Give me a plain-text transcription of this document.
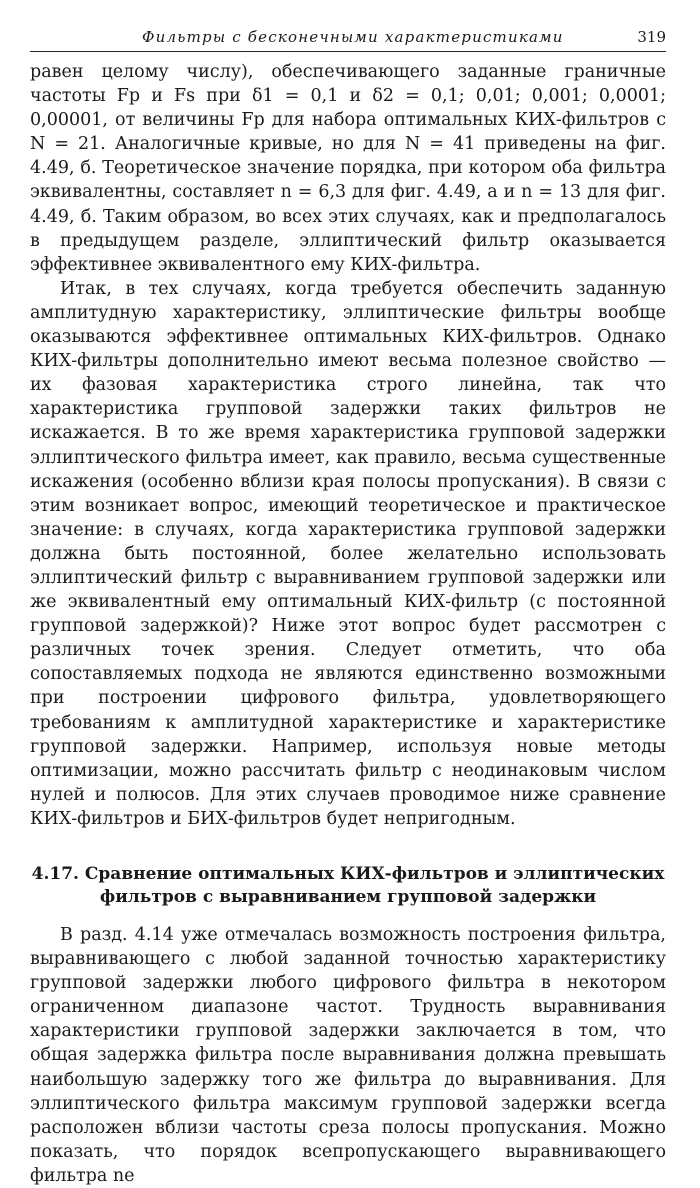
Фильтры с бесконечными характеристиками	319

равен целому числу), обеспечивающего заданные граничные частоты Fp и Fs при δ1 = 0,1 и δ2 = 0,1; 0,01; 0,001; 0,0001; 0,00001, от величины Fp для набора оптимальных КИХ-фильтров с N = 21. Аналогичные кривые, но для N = 41 приведены на фиг. 4.49, б. Теоретическое значение порядка, при котором оба фильтра эквивалентны, составляет n = 6,3 для фиг. 4.49, а и n = 13 для фиг. 4.49, б. Таким образом, во всех этих случаях, как и предполагалось в предыдущем разделе, эллиптический фильтр оказывается эффективнее эквивалентного ему КИХ-фильтра.

Итак, в тех случаях, когда требуется обеспечить заданную амплитудную характеристику, эллиптические фильтры вообще оказываются эффективнее оптимальных КИХ-фильтров. Однако КИХ-фильтры дополнительно имеют весьма полезное свойство — их фазовая характеристика строго линейна, так что характеристика групповой задержки таких фильтров не искажается. В то же время характеристика групповой задержки эллиптического фильтра имеет, как правило, весьма существенные искажения (особенно вблизи края полосы пропускания). В связи с этим возникает вопрос, имеющий теоретическое и практическое значение: в случаях, когда характеристика групповой задержки должна быть постоянной, более желательно использовать эллиптический фильтр с выравниванием групповой задержки или же эквивалентный ему оптимальный КИХ-фильтр (с постоянной групповой задержкой)? Ниже этот вопрос будет рассмотрен с различных точек зрения. Следует отметить, что оба сопоставляемых подхода не являются единственно возможными при построении цифрового фильтра, удовлетворяющего требованиям к амплитудной характеристике и характеристике групповой задержки. Например, используя новые методы оптимизации, можно рассчитать фильтр с неодинаковым числом нулей и полюсов. Для этих случаев проводимое ниже сравнение КИХ-фильтров и БИХ-фильтров будет непригодным.

4.17. Сравнение оптимальных КИХ-фильтров и эллиптических фильтров с выравниванием групповой задержки

В разд. 4.14 уже отмечалась возможность построения фильтра, выравнивающего с любой заданной точностью характеристику групповой задержки любого цифрового фильтра в некотором ограниченном диапазоне частот. Трудность выравнивания характеристики групповой задержки заключается в том, что общая задержка фильтра после выравнивания должна превышать наибольшую задержку того же фильтра до выравнивания. Для эллиптического фильтра максимум групповой задержки всегда расположен вблизи частоты среза полосы пропускания. Можно показать, что порядок всепропускающего выравнивающего фильтра ne
